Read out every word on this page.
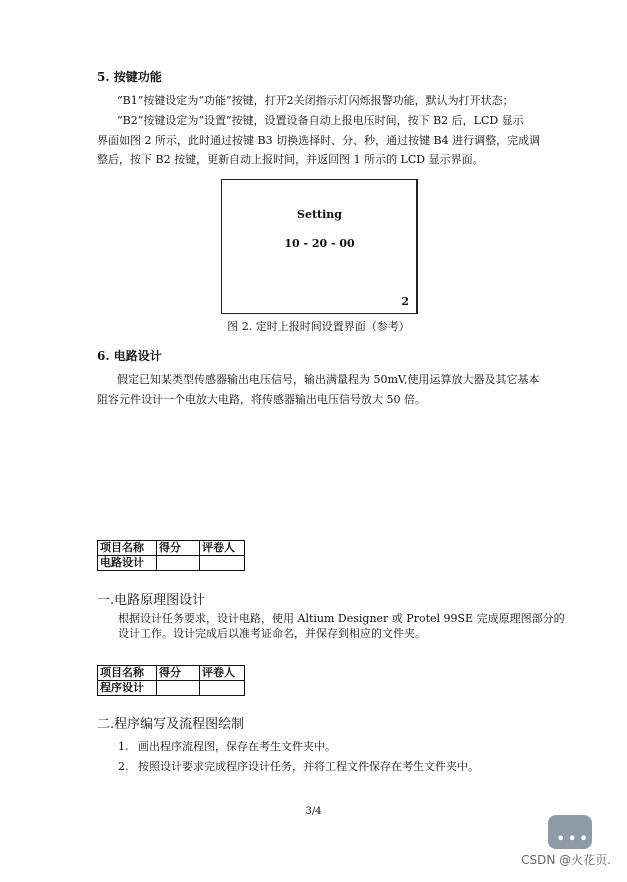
5. 按键功能
“B1”按键设定为“功能”按键，打开2关闭指示灯闪烁报警功能，默认为打开状态；
“B2”按键设定为“设置”按键，设置设备自动上报电压时间，按下 B2 后，LCD 显示
界面如图 2 所示，此时通过按键 B3 切换选择时、分、秒，通过按键 B4 进行调整，完成调
整后，按下 B2 按键，更新自动上报时间，并返回图 1 所示的 LCD 显示界面。
Setting
10 - 20 - 00
2
图 2. 定时上报时间设置界面（参考）
6. 电路设计
假定已知某类型传感器输出电压信号，输出满量程为 50mV,使用运算放大器及其它基本
阻容元件设计一个电放大电路，将传感器输出电压信号放大 50 倍。
项目名称	得分	评卷人
电路设计		
一.电路原理图设计
根据设计任务要求，设计电路，使用 Altium Designer 或 Protel 99SE 完成原理图部分的
设计工作。设计完成后以准考证命名，并保存到相应的文件夹。
项目名称	得分	评卷人
程序设计		
二.程序编写及流程图绘制
1. 画出程序流程图，保存在考生文件夹中。
2. 按照设计要求完成程序设计任务，并将工程文件保存在考生文件夹中。
3/4
•••
CSDN @火花页.
